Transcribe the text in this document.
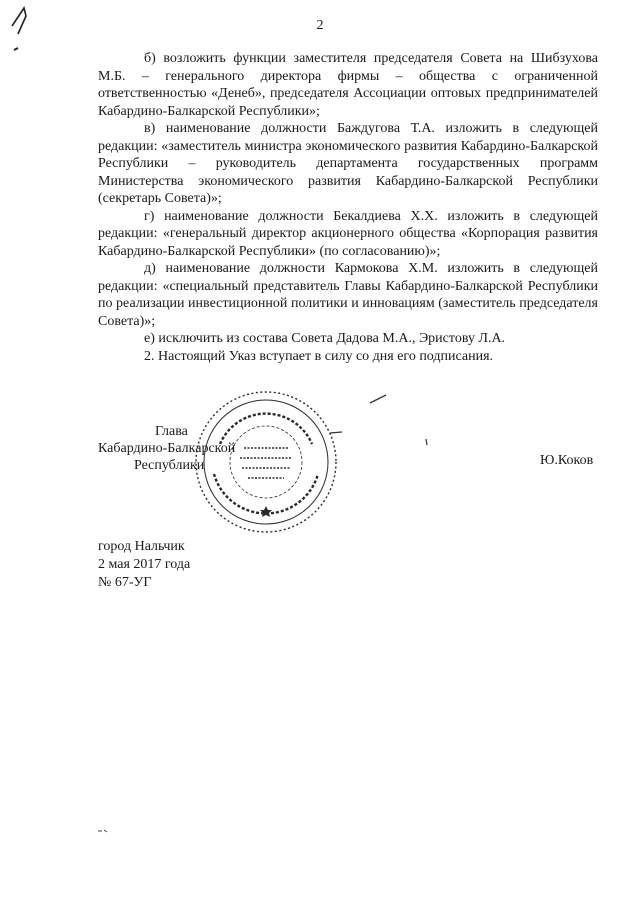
2

б) возложить функции заместителя председателя Совета на Шибзухова М.Б. – генерального директора фирмы – общества с ограниченной ответственностью «Денеб», председателя Ассоциации оптовых предпринимателей Кабардино-Балкарской Республики»;

в) наименование должности Баждугова Т.А. изложить в следующей редакции: «заместитель министра экономического развития Кабардино-Балкарской Республики – руководитель департамента государственных программ Министерства экономического развития Кабардино-Балкарской Республики (секретарь Совета)»;

г) наименование должности Бекалдиева Х.Х. изложить в следующей редакции: «генеральный директор акционерного общества «Корпорация развития Кабардино-Балкарской Республики» (по согласованию)»;

д) наименование должности Кармокова Х.М. изложить в следующей редакции: «специальный представитель Главы Кабардино-Балкарской Республики по реализации инвестиционной политики и инновациям (заместитель председателя Совета)»;

е) исключить из состава Совета Дадова М.А., Эристову Л.А.

2. Настоящий Указ вступает в силу со дня его подписания.

Глава
Кабардино-Балкарской
Республики	Ю.Коков
город Нальчик
2 мая 2017 года
№ 67-УГ
